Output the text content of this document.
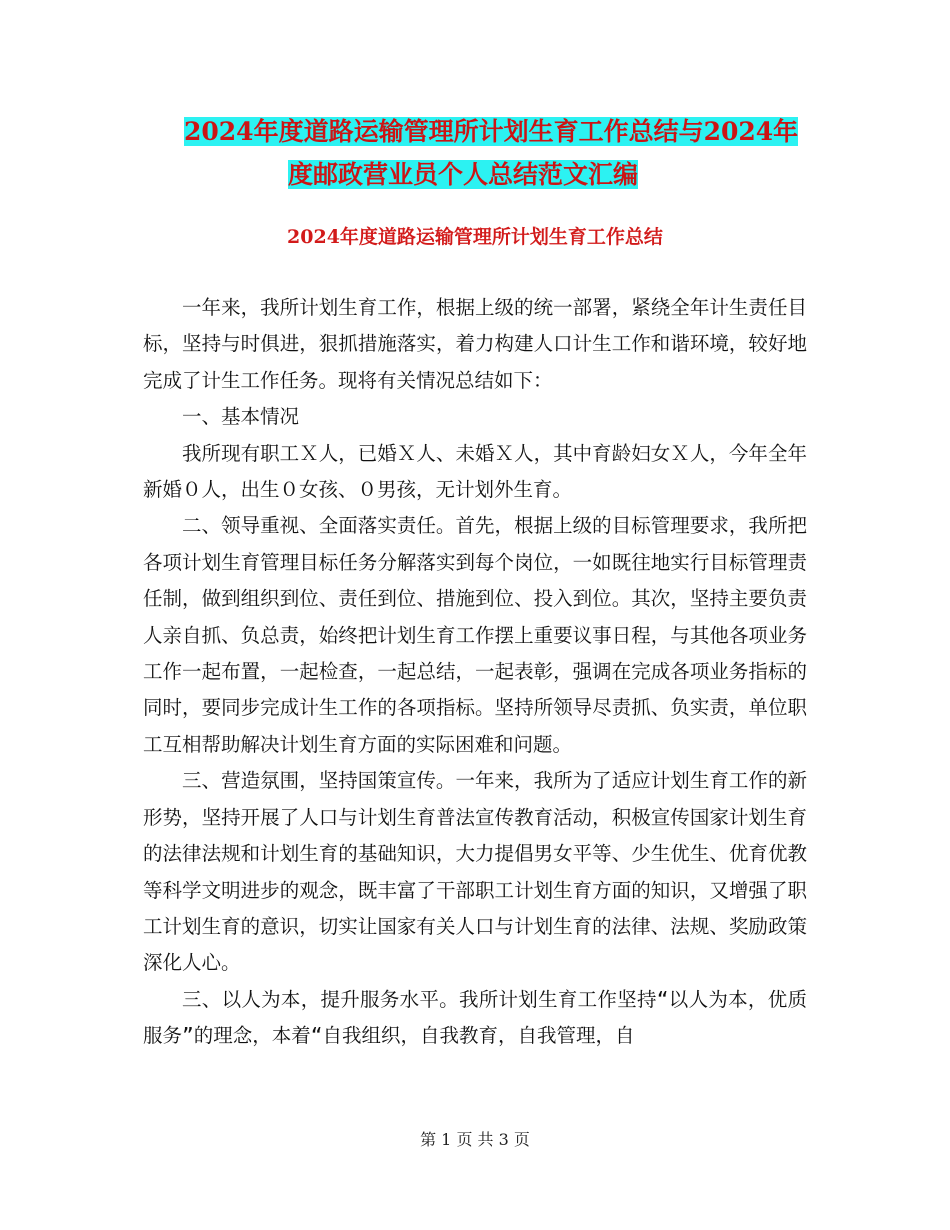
2024年度道路运输管理所计划生育工作总结与2024年
度邮政营业员个人总结范文汇编
2024年度道路运输管理所计划生育工作总结

一年来，我所计划生育工作，根据上级的统一部署，紧绕全年计生责任目标，坚持与时俱进，狠抓措施落实，着力构建人口计生工作和谐环境，较好地完成了计生工作任务。现将有关情况总结如下：

一、基本情况

我所现有职工Ｘ人，已婚Ｘ人、未婚Ｘ人，其中育龄妇女Ｘ人，今年全年新婚０人，出生０女孩、０男孩，无计划外生育。

二、领导重视、全面落实责任。首先，根据上级的目标管理要求，我所把各项计划生育管理目标任务分解落实到每个岗位，一如既往地实行目标管理责任制，做到组织到位、责任到位、措施到位、投入到位。其次，坚持主要负责人亲自抓、负总责，始终把计划生育工作摆上重要议事日程，与其他各项业务工作一起布置，一起检查，一起总结，一起表彰，强调在完成各项业务指标的同时，要同步完成计生工作的各项指标。坚持所领导尽责抓、负实责，单位职工互相帮助解决计划生育方面的实际困难和问题。

三、营造氛围，坚持国策宣传。一年来，我所为了适应计划生育工作的新形势，坚持开展了人口与计划生育普法宣传教育活动，积极宣传国家计划生育的法律法规和计划生育的基础知识，大力提倡男女平等、少生优生、优育优教等科学文明进步的观念，既丰富了干部职工计划生育方面的知识，又增强了职工计划生育的意识，切实让国家有关人口与计划生育的法律、法规、奖励政策深化人心。

三、以人为本，提升服务水平。我所计划生育工作坚持“以人为本，优质服务”的理念，本着“自我组织，自我教育，自我管理，自

第 1 页 共 3 页
